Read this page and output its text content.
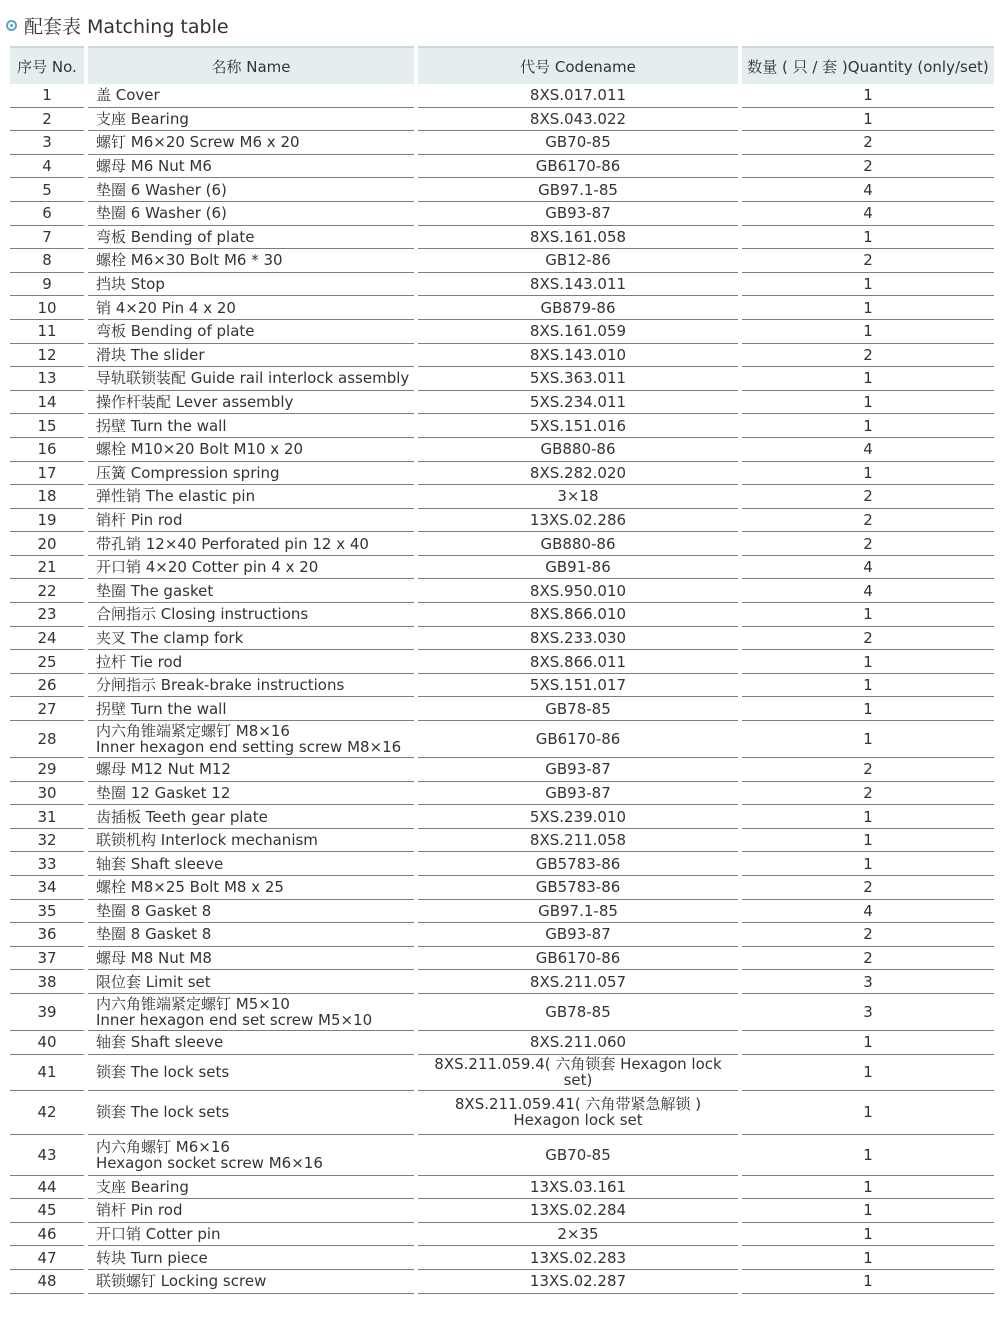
配套表 Matching table
序号 No.	名称 Name	代号 Codename	数量 ( 只 / 套 )Quantity (only/set)
1	盖 Cover	8XS.017.011	1
2	支座 Bearing	8XS.043.022	1
3	螺钉 M6×20 Screw M6 x 20	GB70-85	2
4	螺母 M6 Nut M6	GB6170-86	2
5	垫圈 6 Washer (6)	GB97.1-85	4
6	垫圈 6 Washer (6)	GB93-87	4
7	弯板 Bending of plate	8XS.161.058	1
8	螺栓 M6×30 Bolt M6 * 30	GB12-86	2
9	挡块 Stop	8XS.143.011	1
10	销 4×20 Pin 4 x 20	GB879-86	1
11	弯板 Bending of plate	8XS.161.059	1
12	滑块 The slider	8XS.143.010	2
13	导轨联锁装配 Guide rail interlock assembly	5XS.363.011	1
14	操作杆装配 Lever assembly	5XS.234.011	1
15	拐壁 Turn the wall	5XS.151.016	1
16	螺栓 M10×20 Bolt M10 x 20	GB880-86	4
17	压簧 Compression spring	8XS.282.020	1
18	弹性销 The elastic pin	3×18	2
19	销杆 Pin rod	13XS.02.286	2
20	带孔销 12×40 Perforated pin 12 x 40	GB880-86	2
21	开口销 4×20 Cotter pin 4 x 20	GB91-86	4
22	垫圈 The gasket	8XS.950.010	4
23	合闸指示 Closing instructions	8XS.866.010	1
24	夹叉 The clamp fork	8XS.233.030	2
25	拉杆 Tie rod	8XS.866.011	1
26	分闸指示 Break-brake instructions	5XS.151.017	1
27	拐壁 Turn the wall	GB78-85	1
28	内六角锥端紧定螺钉 M8×16
Inner hexagon end setting screw M8×16	GB6170-86	1
29	螺母 M12 Nut M12	GB93-87	2
30	垫圈 12 Gasket 12	GB93-87	2
31	齿插板 Teeth gear plate	5XS.239.010	1
32	联锁机构 Interlock mechanism	8XS.211.058	1
33	轴套 Shaft sleeve	GB5783-86	1
34	螺栓 M8×25 Bolt M8 x 25	GB5783-86	2
35	垫圈 8 Gasket 8	GB97.1-85	4
36	垫圈 8 Gasket 8	GB93-87	2
37	螺母 M8 Nut M8	GB6170-86	2
38	限位套 Limit set	8XS.211.057	3
39	内六角锥端紧定螺钉 M5×10
Inner hexagon end set screw M5×10	GB78-85	3
40	轴套 Shaft sleeve	8XS.211.060	1
41	锁套 The lock sets	8XS.211.059.4( 六角锁套 Hexagon lock set)	1
42	锁套 The lock sets	8XS.211.059.41( 六角带紧急解锁 )
Hexagon lock set	1
43	内六角螺钉 M6×16
Hexagon socket screw M6×16	GB70-85	1
44	支座 Bearing	13XS.03.161	1
45	销杆 Pin rod	13XS.02.284	1
46	开口销 Cotter pin	2×35	1
47	转块 Turn piece	13XS.02.283	1
48	联锁螺钉 Locking screw	13XS.02.287	1
